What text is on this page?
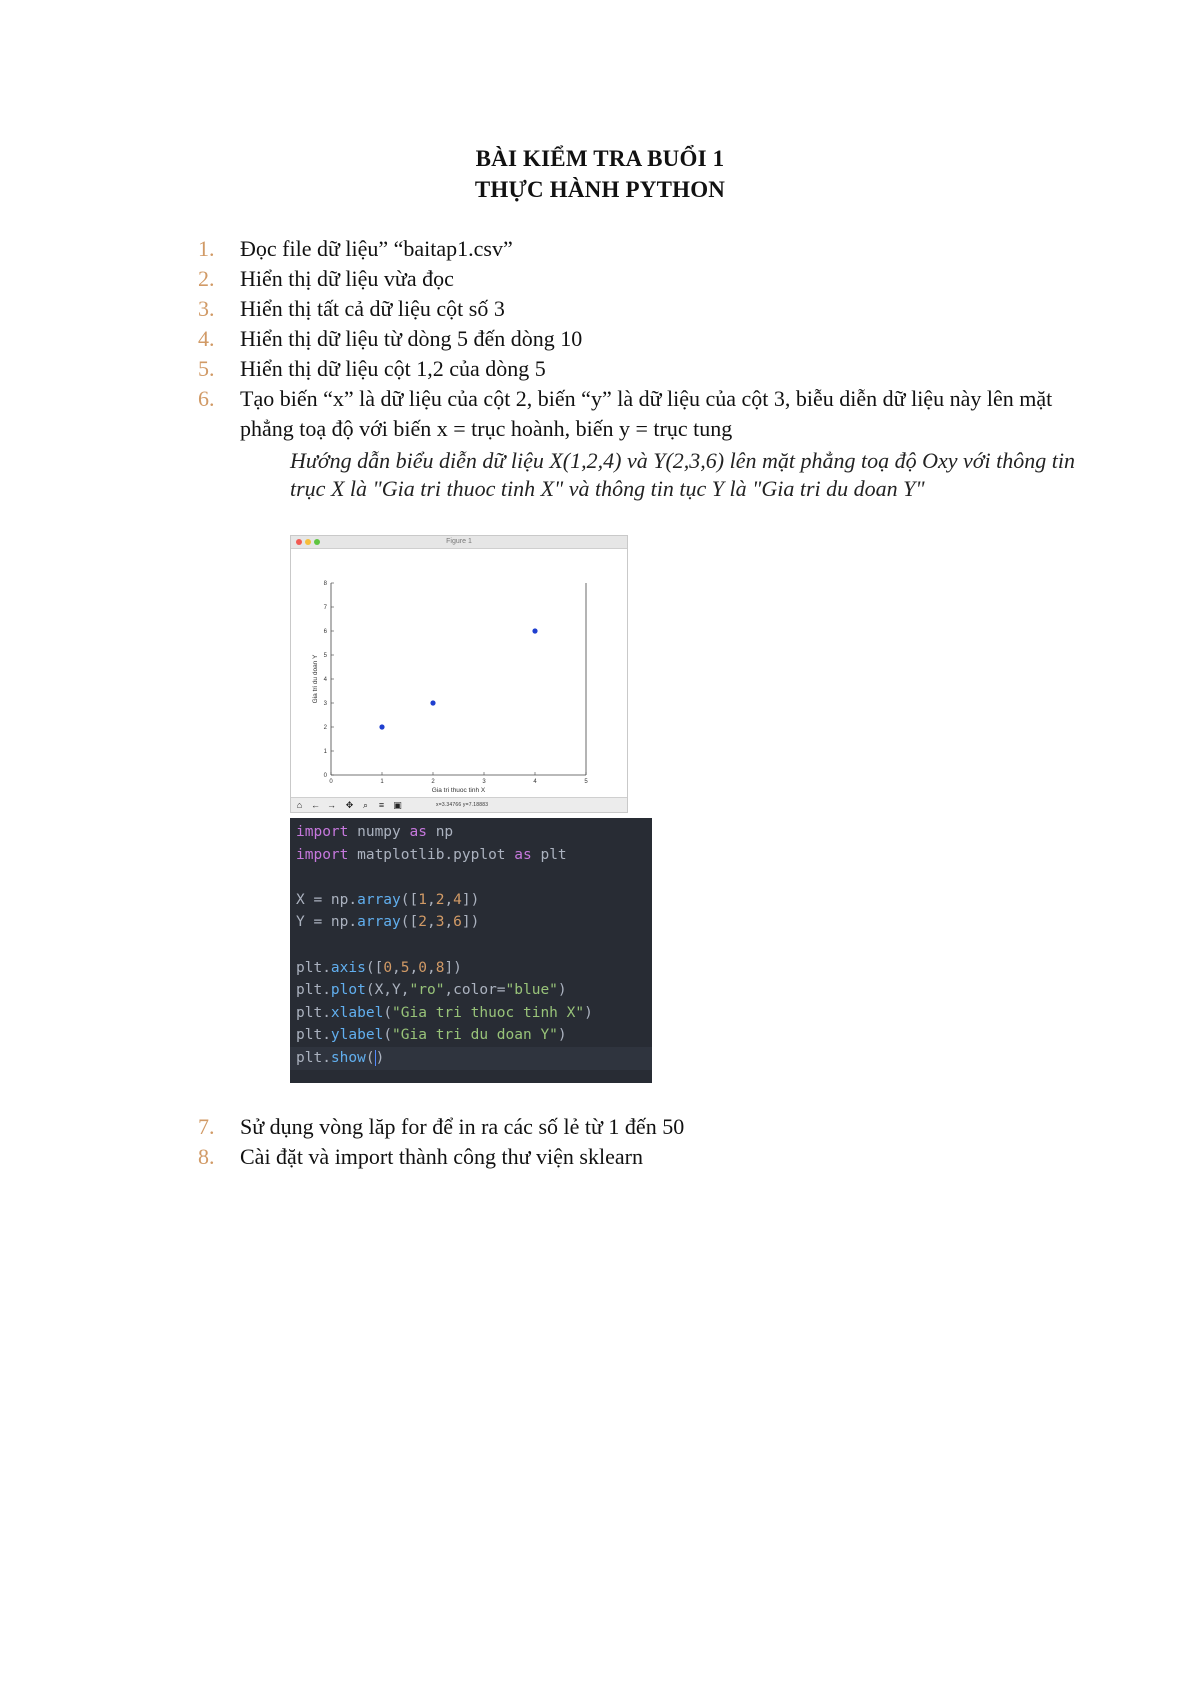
BÀI KIỂM TRA BUỔI 1
THỰC HÀNH PYTHON
1. Đọc file dữ liệu” “baitap1.csv”
2. Hiển thị dữ liệu vừa đọc
3. Hiển thị tất cả dữ liệu cột số 3
4. Hiển thị dữ liệu từ dòng 5 đến dòng 10
5. Hiển thị dữ liệu cột 1,2 của dòng 5
6. Tạo biến “x” là dữ liệu của cột 2, biến “y” là dữ liệu của cột 3, biễu diễn dữ liệu này lên mặt phẳng toạ độ với biến x = trục hoành, biến y = trục tung
Hướng dẫn biểu diễn dữ liệu X(1,2,4) và Y(2,3,6) lên mặt phẳng toạ độ Oxy với thông tin trục X là "Gia tri thuoc tinh X" và thông tin tục Y là "Gia tri du doan Y"
Figure 1
0	1	2	3	4	5
0
1
2
3
4
5
6
7
8
Gia tri thuoc tinh X
Gia tri du doan Y
⌂ ← →	✥	⌕	≡	▣	x=3.34766 y=7.18883
import numpy as np
import matplotlib.pyplot as plt

X = np.array([1,2,4])
Y = np.array([2,3,6])

plt.axis([0,5,0,8])
plt.plot(X,Y,"ro",color="blue")
plt.xlabel("Gia tri thuoc tinh X")
plt.ylabel("Gia tri du doan Y")
plt.show()
7. Sử dụng vòng lăp for để in ra các số lẻ từ 1 đến 50
8. Cài đặt và import thành công thư viện sklearn
